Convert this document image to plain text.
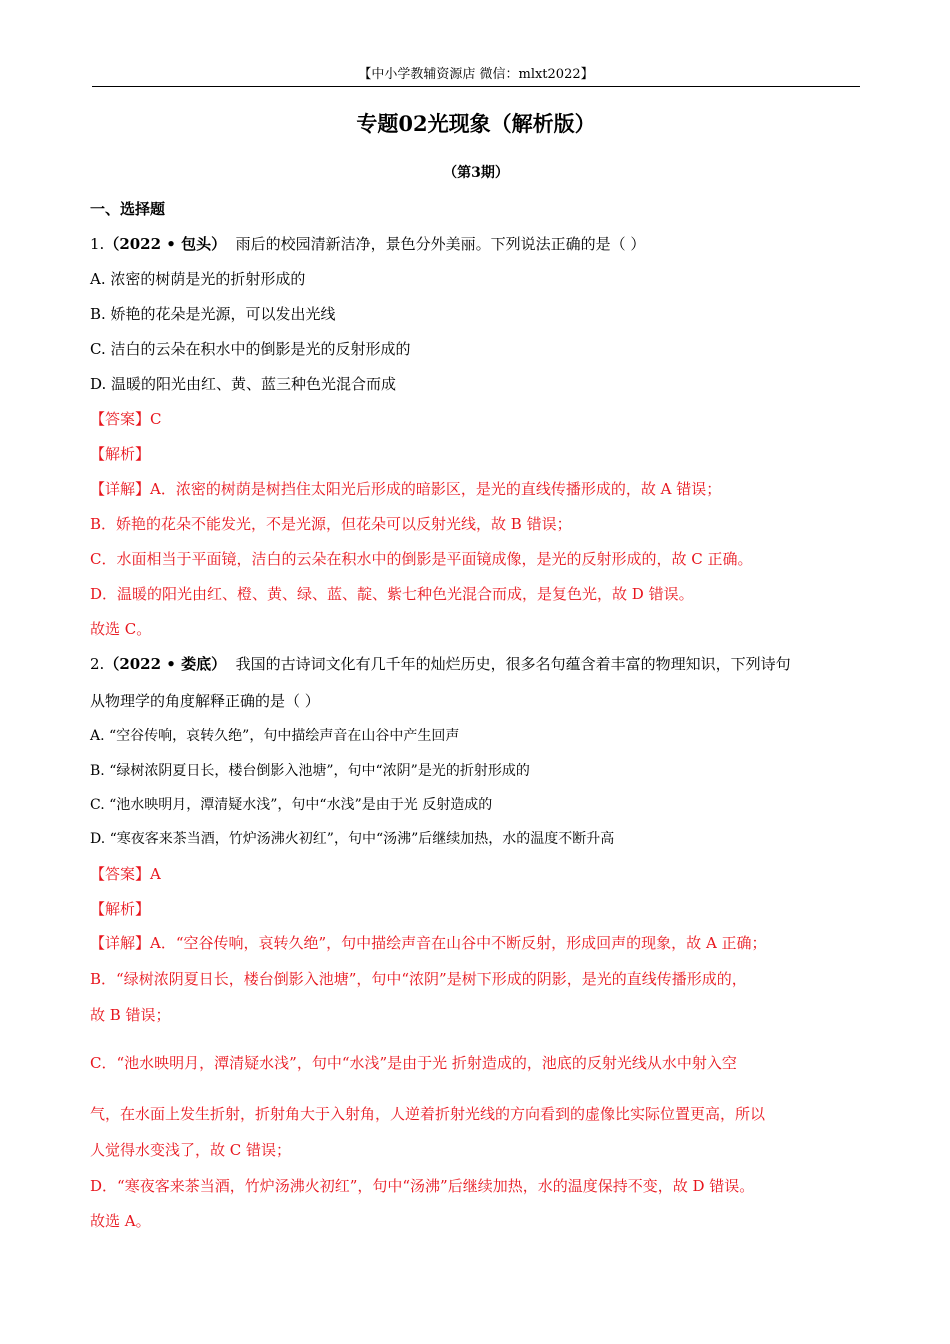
【中小学教辅资源店 微信：mlxt2022】
专题02光现象（解析版）
（第3期）
一、选择题
1.（2022 • 包头） 雨后的校园清新洁净，景色分外美丽。下列说法正确的是（ ）
A. 浓密的树荫是光的折射形成的
B. 娇艳的花朵是光源，可以发出光线
C. 洁白的云朵在积水中的倒影是光的反射形成的
D. 温暖的阳光由红、黄、蓝三种色光混合而成
【答案】C
【解析】
【详解】A．浓密的树荫是树挡住太阳光后形成的暗影区，是光的直线传播形成的，故 A 错误；
B．娇艳的花朵不能发光，不是光源，但花朵可以反射光线，故 B 错误；
C．水面相当于平面镜，洁白的云朵在积水中的倒影是平面镜成像，是光的反射形成的，故 C 正确。
D．温暖的阳光由红、橙、黄、绿、蓝、靛、紫七种色光混合而成，是复色光，故 D 错误。
故选 C。
2.（2022 • 娄底） 我国的古诗词文化有几千年的灿烂历史，很多名句蕴含着丰富的物理知识，下列诗句
从物理学的角度解释正确的是（ ）
A. “空谷传响，哀转久绝”，句中描绘声音在山谷中产生回声
B. “绿树浓阴夏日长，楼台倒影入池塘”，句中“浓阴”是光的折射形成的
C. “池水映明月，潭清疑水浅”，句中“水浅”是由于光 反射造成的
D. “寒夜客来茶当酒，竹炉汤沸火初红”，句中“汤沸”后继续加热，水的温度不断升高
【答案】A
【解析】
【详解】A．“空谷传响，哀转久绝”，句中描绘声音在山谷中不断反射，形成回声的现象，故 A 正确；
B．“绿树浓阴夏日长，楼台倒影入池塘”，句中“浓阴”是树下形成的阴影，是光的直线传播形成的，
故 B 错误；
C．“池水映明月，潭清疑水浅”，句中“水浅”是由于光 折射造成的，池底的反射光线从水中射入空
气，在水面上发生折射，折射角大于入射角，人逆着折射光线的方向看到的虚像比实际位置更高，所以
人觉得水变浅了，故 C 错误；
D．“寒夜客来茶当酒，竹炉汤沸火初红”，句中“汤沸”后继续加热，水的温度保持不变，故 D 错误。
故选 A。
